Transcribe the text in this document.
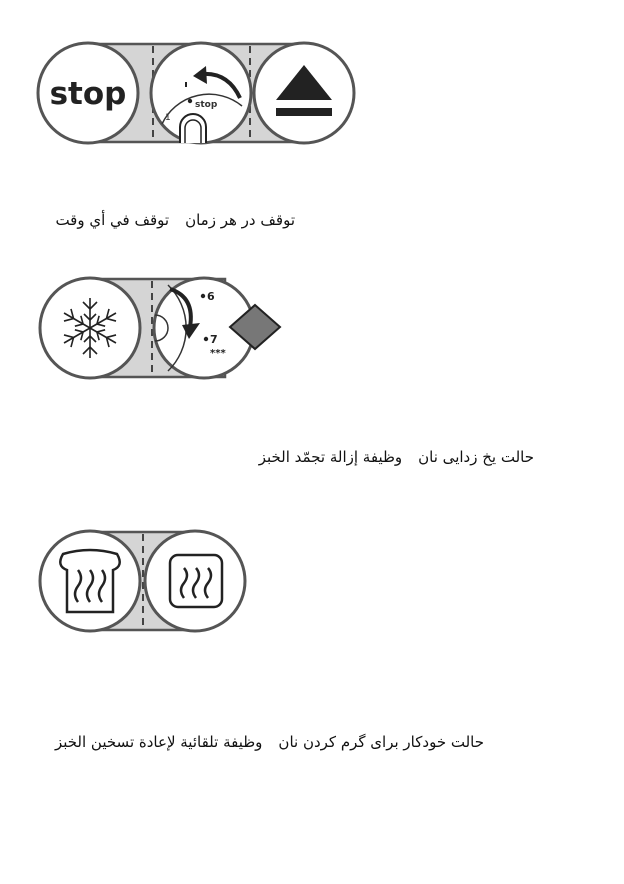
stop
1
stop
توقف در هر زمانتوقف في أي وقت
6
7
***
حالت یخ زدایی نانوظيفة إزالة تجمّد الخبز
حالت خودکار برای گرم کردن نانوظيفة تلقائية لإعادة تسخين الخبز
